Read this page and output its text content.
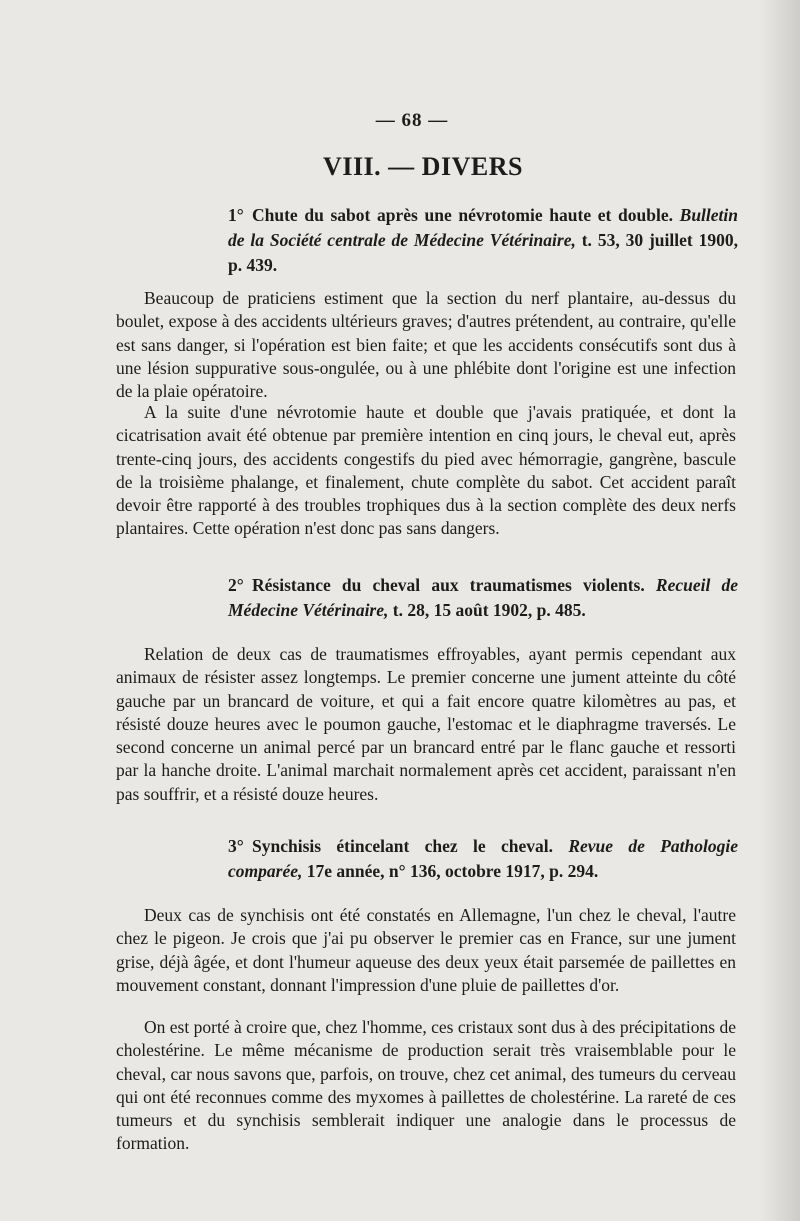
— 68 —
VIII. — DIVERS
1° Chute du sabot après une névrotomie haute et double. Bulletin de la Société centrale de Médecine Vétérinaire, t. 53, 30 juillet 1900, p. 439.

Beaucoup de praticiens estiment que la section du nerf plantaire, au-dessus du boulet, expose à des accidents ultérieurs graves; d'autres prétendent, au contraire, qu'elle est sans danger, si l'opération est bien faite; et que les accidents consécutifs sont dus à une lésion suppurative sous-ongulée, ou à une phlébite dont l'origine est une infection de la plaie opératoire.

A la suite d'une névrotomie haute et double que j'avais pratiquée, et dont la cicatrisation avait été obtenue par première intention en cinq jours, le cheval eut, après trente-cinq jours, des accidents congestifs du pied avec hémorragie, gangrène, bascule de la troisième phalange, et finalement, chute complète du sabot. Cet accident paraît devoir être rapporté à des troubles trophiques dus à la section complète des deux nerfs plantaires. Cette opération n'est donc pas sans dangers.

2° Résistance du cheval aux traumatismes violents. Recueil de Médecine Vétérinaire, t. 28, 15 août 1902, p. 485.

Relation de deux cas de traumatismes effroyables, ayant permis cependant aux animaux de résister assez longtemps. Le premier concerne une jument atteinte du côté gauche par un brancard de voiture, et qui a fait encore quatre kilomètres au pas, et résisté douze heures avec le poumon gauche, l'estomac et le diaphragme traversés. Le second concerne un animal percé par un brancard entré par le flanc gauche et ressorti par la hanche droite. L'animal marchait normalement après cet accident, paraissant n'en pas souffrir, et a résisté douze heures.

3° Synchisis étincelant chez le cheval. Revue de Pathologie comparée, 17e année, n° 136, octobre 1917, p. 294.

Deux cas de synchisis ont été constatés en Allemagne, l'un chez le cheval, l'autre chez le pigeon. Je crois que j'ai pu observer le premier cas en France, sur une jument grise, déjà âgée, et dont l'humeur aqueuse des deux yeux était parsemée de paillettes en mouvement constant, donnant l'impression d'une pluie de paillettes d'or.

On est porté à croire que, chez l'homme, ces cristaux sont dus à des précipitations de cholestérine. Le même mécanisme de production serait très vraisemblable pour le cheval, car nous savons que, parfois, on trouve, chez cet animal, des tumeurs du cerveau qui ont été reconnues comme des myxomes à paillettes de cholestérine. La rareté de ces tumeurs et du synchisis semblerait indiquer une analogie dans le processus de formation.
